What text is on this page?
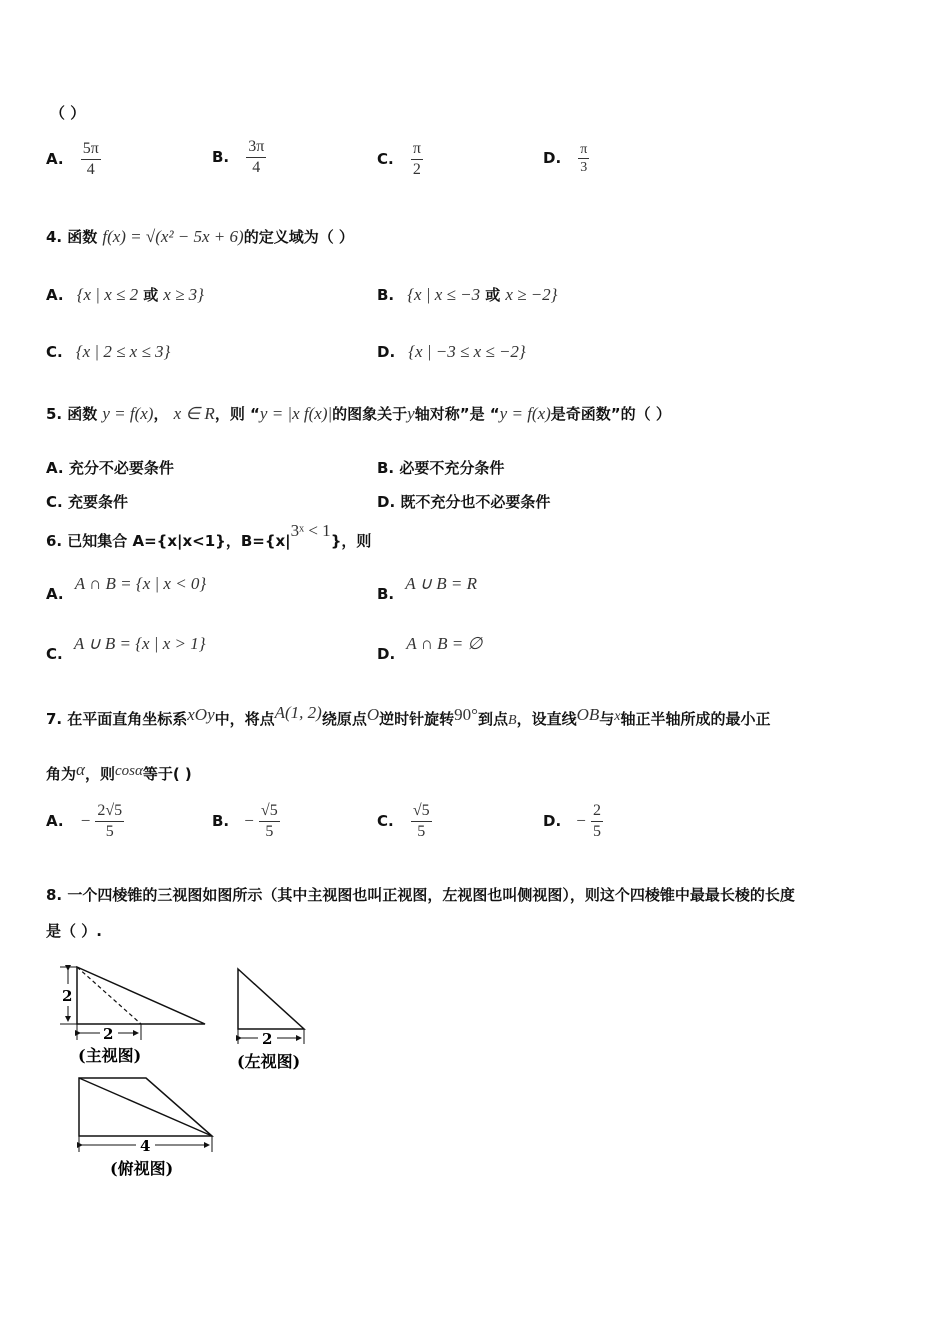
（ ）
A. $\frac{5\pi}{4}$	B. $\frac{3\pi}{4}$	C. $\frac{\pi}{2}$	D. $\frac{\pi}{3}$
4. 函数 f(x) = √(x² − 5x + 6)的定义域为（ ）
A. {x | x ≤ 2 或 x ≥ 3}	B. {x | x ≤ −3 或 x ≥ −2}
C. {x | 2 ≤ x ≤ 3}	D. {x | −3 ≤ x ≤ −2}
5. 函数 y = f(x)， x ∈ R，则 “y = |x f(x)|的图象关于y轴对称”是 “y = f(x)是奇函数”的（ ）
A. 充分不必要条件	B. 必要不充分条件
C. 充要条件	D. 既不充分也不必要条件
6. 已知集合 A={x|x<1}，B={x|3ˣ < 1}，则
A. A ∩ B = {x | x < 0}
B. A ∪ B = R
C. A ∪ B = {x | x > 1}
D. A ∩ B = ∅
7. 在平面直角坐标系xOy中，将点A(1, 2)绕原点O逆时针旋转90°到点B，设直线OB与x轴正半轴所成的最小正
角为α，则cosα等于( )
A. − $\frac{2√5}{5}$	B. − $\frac{√5}{5}$	C. $\frac{√5}{5}$	D. − $\frac{2}{5}$
8. 一个四棱锥的三视图如图所示（其中主视图也叫正视图，左视图也叫侧视图），则这个四棱锥中最最长棱的长度
是（ ）.
2
2
(主视图)
2
(左视图)
4
(俯视图)
